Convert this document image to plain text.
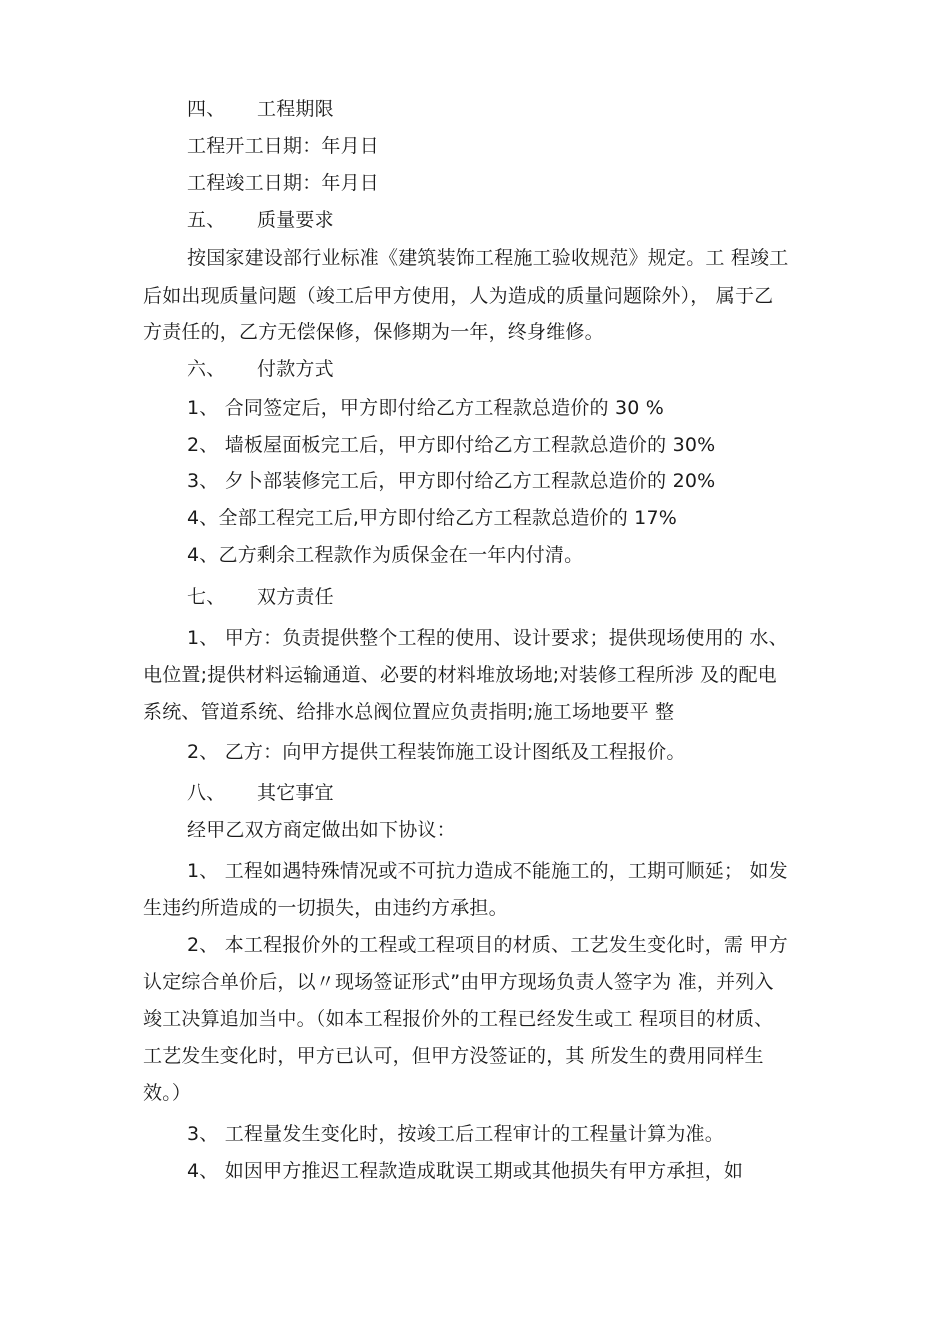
四、 工程期限
工程开工日期：年月日
工程竣工日期：年月日
五、 质量要求
按国家建设部行业标准《建筑装饰工程施工验收规范》规定。工 程竣工
后如出现质量问题（竣工后甲方使用，人为造成的质量问题除外）， 属于乙
方责任的，乙方无偿保修，保修期为一年，终身维修。
六、 付款方式
1、 合同签定后，甲方即付给乙方工程款总造价的 30 %
2、 墙板屋面板完工后，甲方即付给乙方工程款总造价的 30%
3、 夕卜部装修完工后，甲方即付给乙方工程款总造价的 20%
4、全部工程完工后,甲方即付给乙方工程款总造价的 17%
4、乙方剩余工程款作为质保金在一年内付清。
七、 双方责任
1、 甲方：负责提供整个工程的使用、设计要求；提供现场使用的 水、
电位置;提供材料运输通道、必要的材料堆放场地;对装修工程所涉 及的配电
系统、管道系统、给排水总阀位置应负责指明;施工场地要平 整
2、 乙方：向甲方提供工程装饰施工设计图纸及工程报价。
八、 其它事宜
经甲乙双方商定做出如下协议：
1、 工程如遇特殊情况或不可抗力造成不能施工的，工期可顺延； 如发
生违约所造成的一切损失，由违约方承担。
2、 本工程报价外的工程或工程项目的材质、工艺发生变化时，需 甲方
认定综合单价后，以〃现场签证形式”由甲方现场负责人签字为 准，并列入
竣工决算追加当中。（如本工程报价外的工程已经发生或工 程项目的材质、
工艺发生变化时，甲方已认可，但甲方没签证的，其 所发生的费用同样生
效。）
3、 工程量发生变化时，按竣工后工程审计的工程量计算为准。
4、 如因甲方推迟工程款造成耽误工期或其他损失有甲方承担，如
